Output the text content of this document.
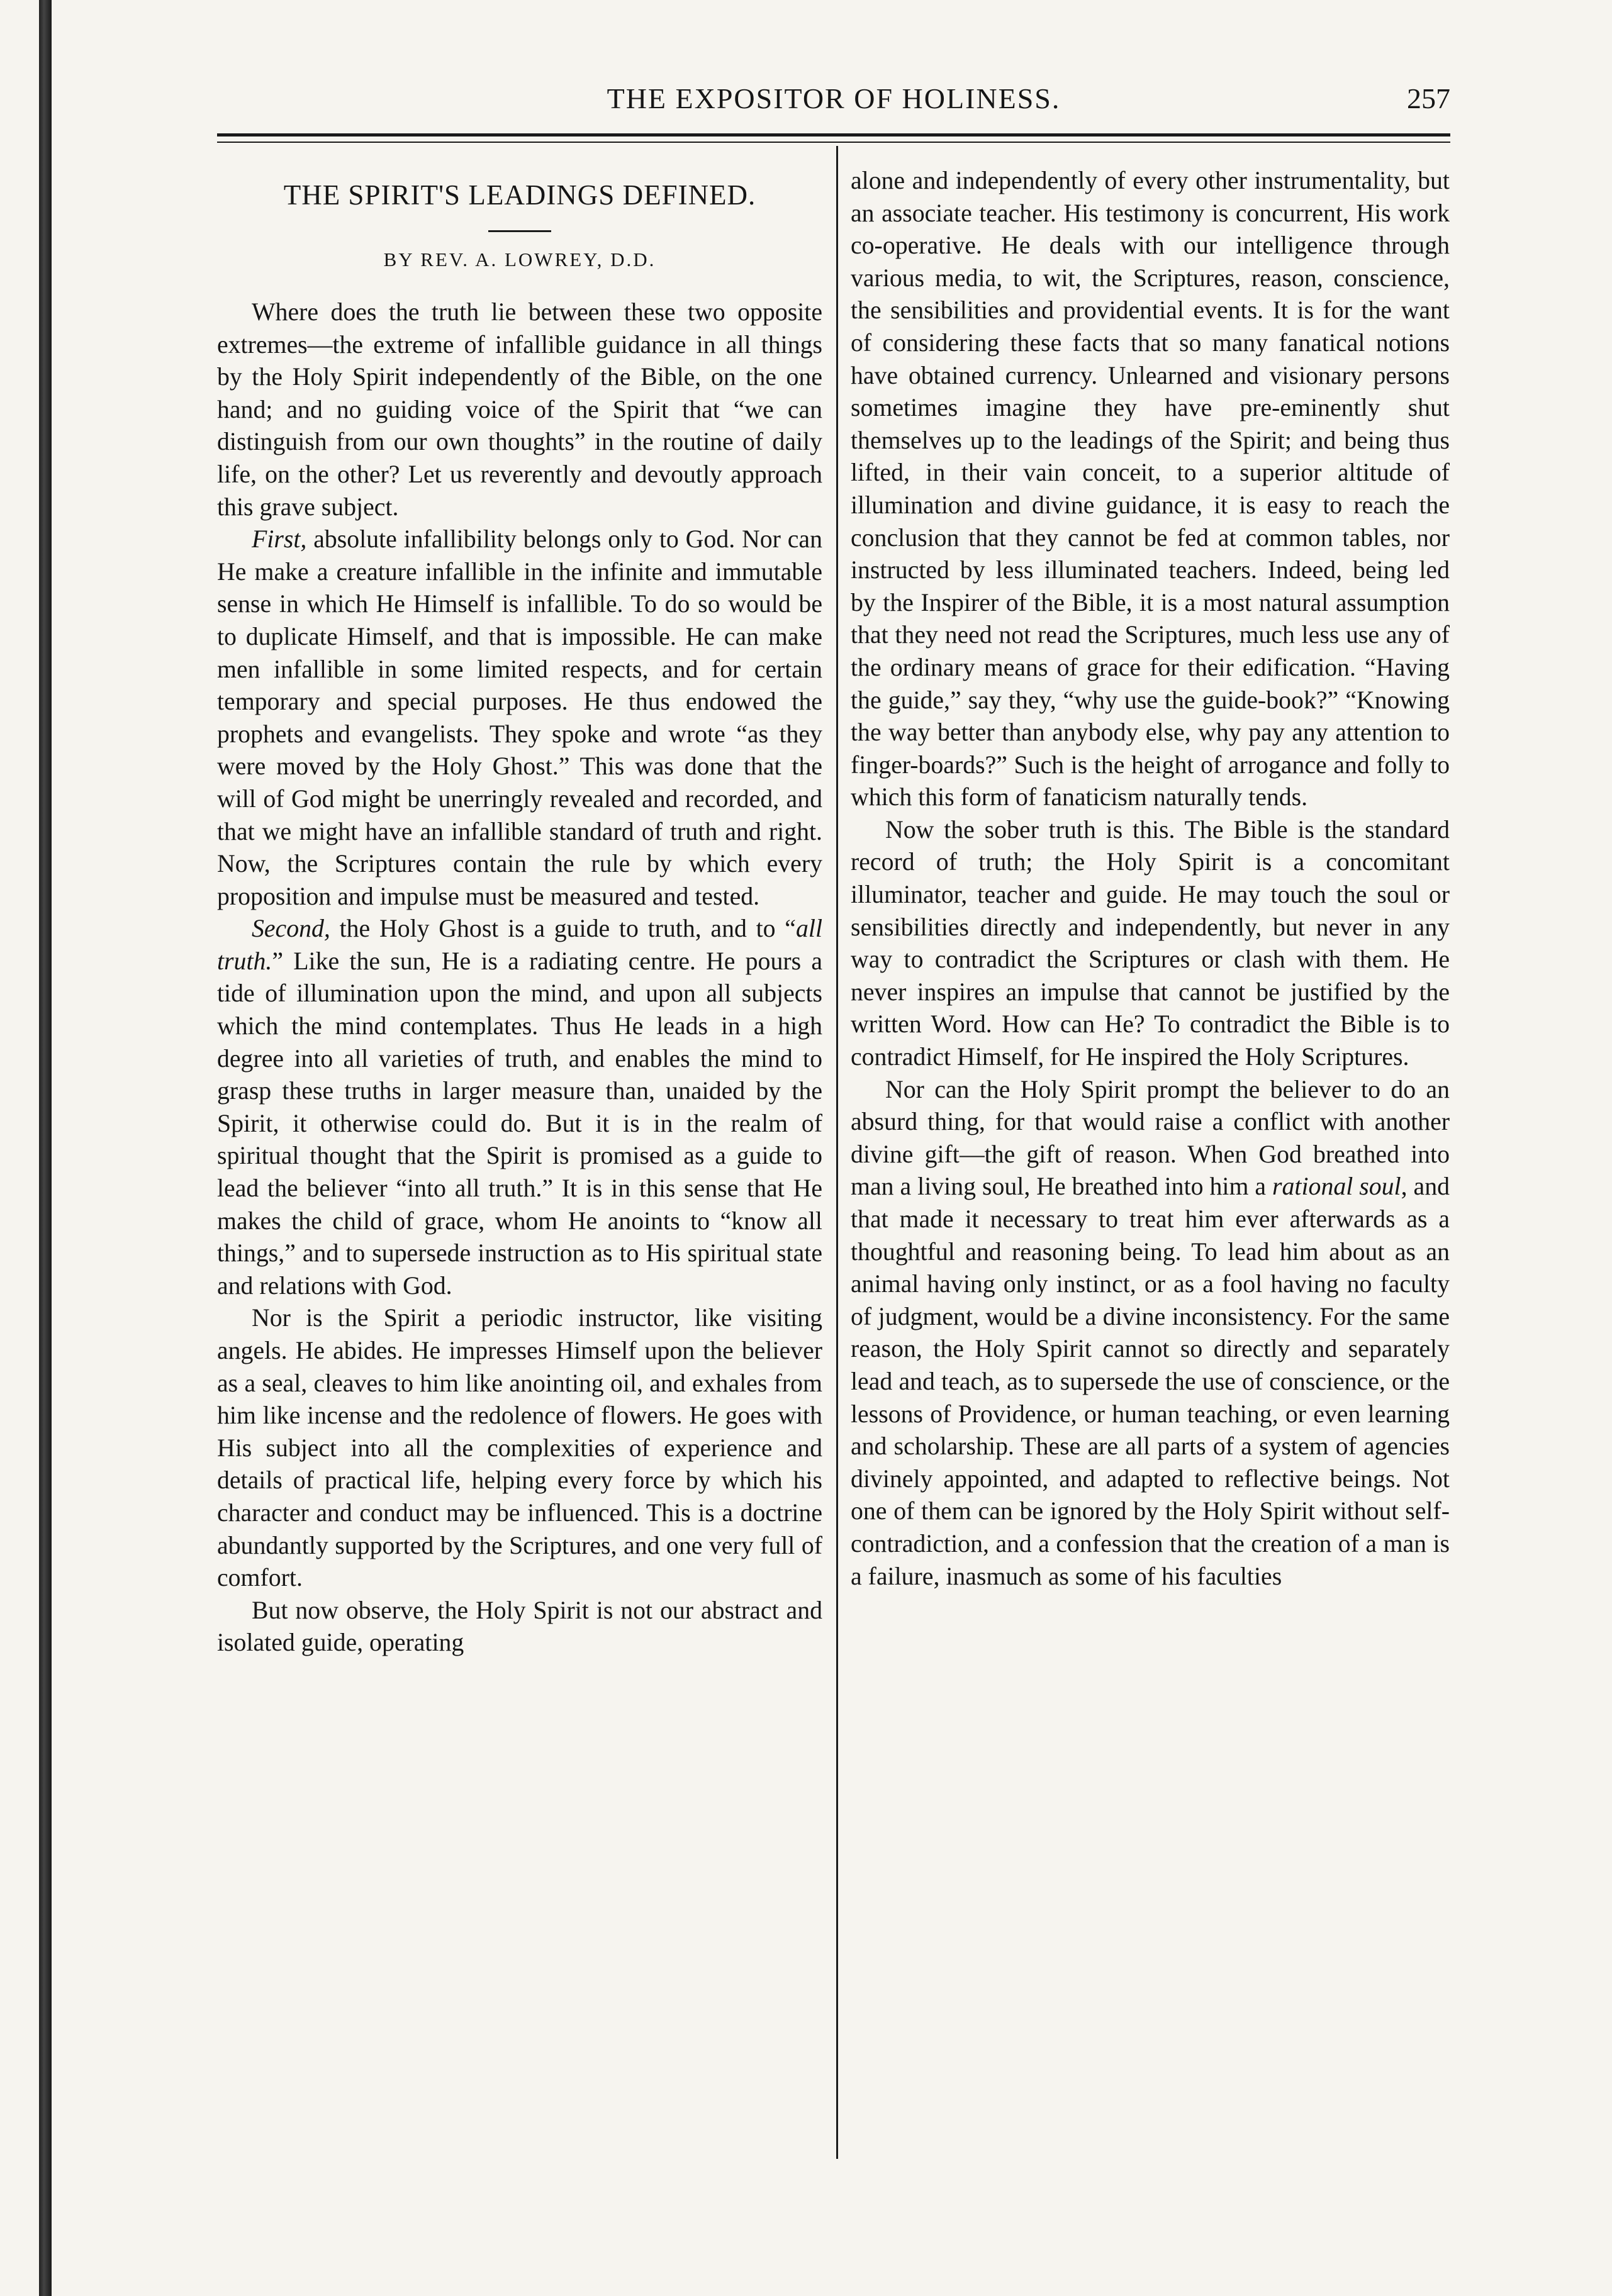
THE EXPOSITOR OF HOLINESS.	257
THE SPIRIT'S LEADINGS DEFINED.
BY REV. A. LOWREY, D.D.

Where does the truth lie between these two opposite extremes—the extreme of infallible guidance in all things by the Holy Spirit independently of the Bible, on the one hand; and no guiding voice of the Spirit that “we can distinguish from our own thoughts” in the routine of daily life, on the other? Let us reverently and devoutly approach this grave subject.

First, absolute infallibility belongs only to God. Nor can He make a creature infallible in the infinite and immutable sense in which He Himself is infallible. To do so would be to duplicate Himself, and that is impossible. He can make men infallible in some limited respects, and for certain temporary and special purposes. He thus endowed the prophets and evangelists. They spoke and wrote “as they were moved by the Holy Ghost.” This was done that the will of God might be unerringly revealed and recorded, and that we might have an infallible standard of truth and right. Now, the Scriptures contain the rule by which every proposition and impulse must be measured and tested.

Second, the Holy Ghost is a guide to truth, and to “all truth.” Like the sun, He is a radiating centre. He pours a tide of illumination upon the mind, and upon all subjects which the mind contemplates. Thus He leads in a high degree into all varieties of truth, and enables the mind to grasp these truths in larger measure than, unaided by the Spirit, it otherwise could do. But it is in the realm of spiritual thought that the Spirit is promised as a guide to lead the believer “into all truth.” It is in this sense that He makes the child of grace, whom He anoints to “know all things,” and to supersede instruction as to His spiritual state and relations with God.

Nor is the Spirit a periodic instructor, like visiting angels. He abides. He impresses Himself upon the believer as a seal, cleaves to him like anointing oil, and exhales from him like incense and the redolence of flowers. He goes with His subject into all the complexities of experience and details of practical life, helping every force by which his character and conduct may be influenced. This is a doctrine abundantly supported by the Scriptures, and one very full of comfort.

But now observe, the Holy Spirit is not our abstract and isolated guide, operating

alone and independently of every other instrumentality, but an associate teacher. His testimony is concurrent, His work co-operative. He deals with our intelligence through various media, to wit, the Scriptures, reason, conscience, the sensibilities and providential events. It is for the want of considering these facts that so many fanatical notions have obtained currency. Unlearned and visionary persons sometimes imagine they have pre-eminently shut themselves up to the leadings of the Spirit; and being thus lifted, in their vain conceit, to a superior altitude of illumination and divine guidance, it is easy to reach the conclusion that they cannot be fed at common tables, nor instructed by less illuminated teachers. Indeed, being led by the Inspirer of the Bible, it is a most natural assumption that they need not read the Scriptures, much less use any of the ordinary means of grace for their edification. “Having the guide,” say they, “why use the guide-book?” “Knowing the way better than anybody else, why pay any attention to finger-boards?” Such is the height of arrogance and folly to which this form of fanaticism naturally tends.

Now the sober truth is this. The Bible is the standard record of truth; the Holy Spirit is a concomitant illuminator, teacher and guide. He may touch the soul or sensibilities directly and independently, but never in any way to contradict the Scriptures or clash with them. He never inspires an impulse that cannot be justified by the written Word. How can He? To contradict the Bible is to contradict Himself, for He inspired the Holy Scriptures.

Nor can the Holy Spirit prompt the believer to do an absurd thing, for that would raise a conflict with another divine gift—the gift of reason. When God breathed into man a living soul, He breathed into him a rational soul, and that made it necessary to treat him ever afterwards as a thoughtful and reasoning being. To lead him about as an animal having only instinct, or as a fool having no faculty of judgment, would be a divine inconsistency. For the same reason, the Holy Spirit cannot so directly and separately lead and teach, as to supersede the use of conscience, or the lessons of Providence, or human teaching, or even learning and scholarship. These are all parts of a system of agencies divinely appointed, and adapted to reflective beings. Not one of them can be ignored by the Holy Spirit without self-contradiction, and a confession that the creation of a man is a failure, inasmuch as some of his faculties
